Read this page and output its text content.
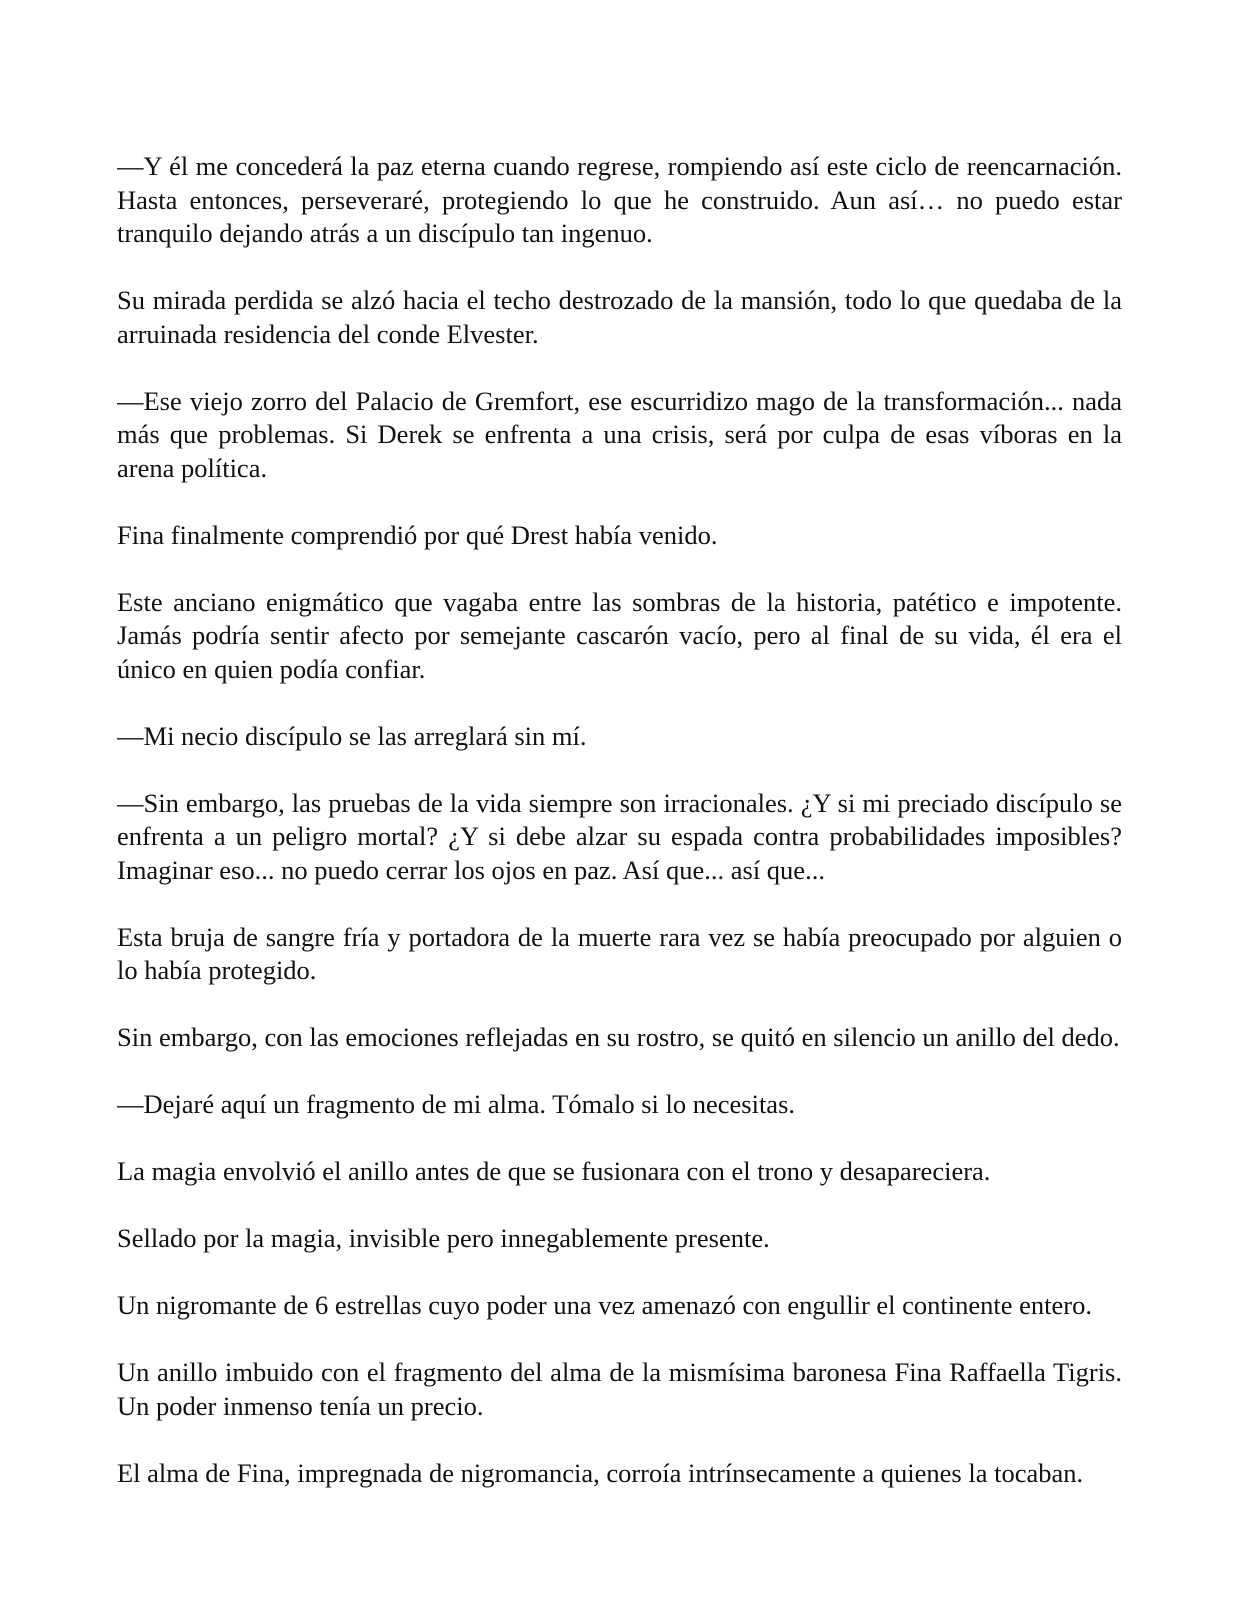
—Y él me concederá la paz eterna cuando regrese, rompiendo así este ciclo de reencarnación. Hasta entonces, perseveraré, protegiendo lo que he construido. Aun así… no puedo estar tranquilo dejando atrás a un discípulo tan ingenuo.

Su mirada perdida se alzó hacia el techo destrozado de la mansión, todo lo que quedaba de la arruinada residencia del conde Elvester.

—Ese viejo zorro del Palacio de Gremfort, ese escurridizo mago de la transformación... nada más que problemas. Si Derek se enfrenta a una crisis, será por culpa de esas víboras en la arena política.

Fina finalmente comprendió por qué Drest había venido.

Este anciano enigmático que vagaba entre las sombras de la historia, patético e impotente. Jamás podría sentir afecto por semejante cascarón vacío, pero al final de su vida, él era el único en quien podía confiar.

—Mi necio discípulo se las arreglará sin mí.

—Sin embargo, las pruebas de la vida siempre son irracionales. ¿Y si mi preciado discípulo se enfrenta a un peligro mortal? ¿Y si debe alzar su espada contra probabilidades imposibles? Imaginar eso... no puedo cerrar los ojos en paz. Así que... así que...

Esta bruja de sangre fría y portadora de la muerte rara vez se había preocupado por alguien o lo había protegido.

Sin embargo, con las emociones reflejadas en su rostro, se quitó en silencio un anillo del dedo.

—Dejaré aquí un fragmento de mi alma. Tómalo si lo necesitas.

La magia envolvió el anillo antes de que se fusionara con el trono y desapareciera.

Sellado por la magia, invisible pero innegablemente presente.

Un nigromante de 6 estrellas cuyo poder una vez amenazó con engullir el continente entero.

Un anillo imbuido con el fragmento del alma de la mismísima baronesa Fina Raffaella Tigris. Un poder inmenso tenía un precio.

El alma de Fina, impregnada de nigromancia, corroía intrínsecamente a quienes la tocaban.
